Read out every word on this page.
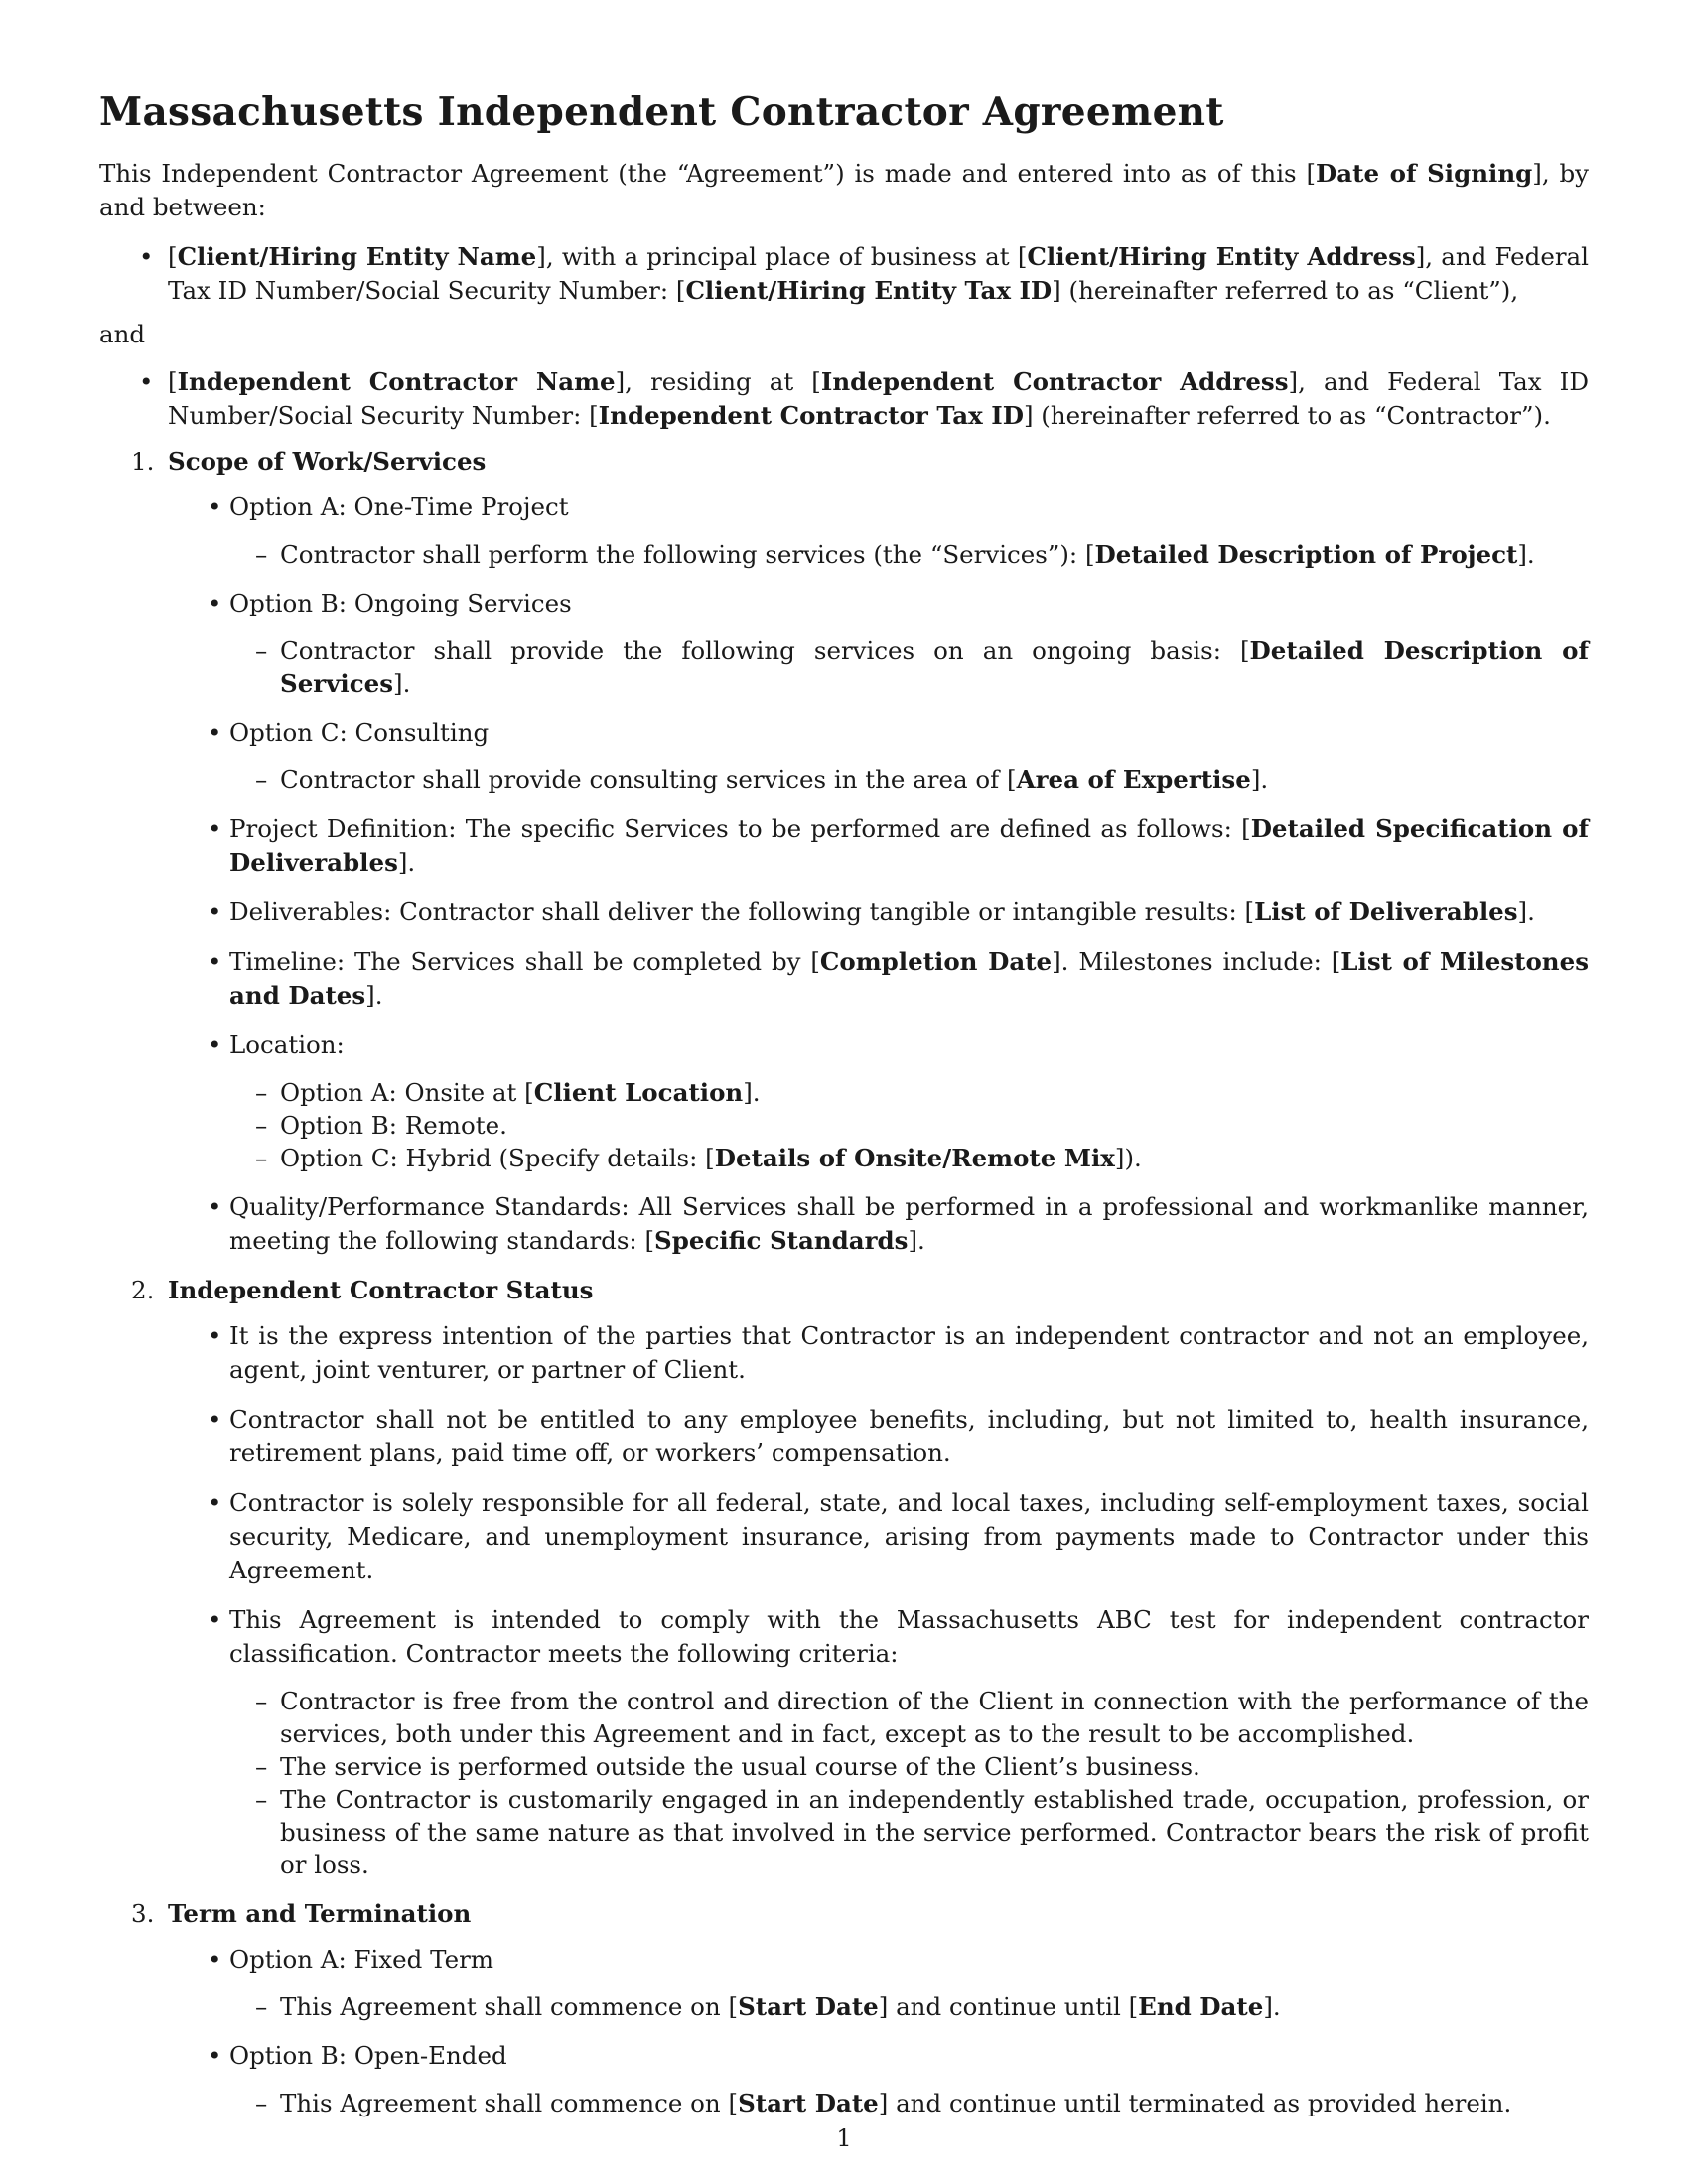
Massachusetts Independent Contractor Agreement

This Independent Contractor Agreement (the “Agreement”) is made and entered into as of this [Date of Signing], by and between:

• [Client/Hiring Entity Name], with a principal place of business at [Client/Hiring Entity Address], and Federal Tax ID Number/Social Security Number: [Client/Hiring Entity Tax ID] (hereinafter referred to as “Client”),

and

• [Independent Contractor Name], residing at [Independent Contractor Address], and Federal Tax ID Number/Social Security Number: [Independent Contractor Tax ID] (hereinafter referred to as “Contractor”).
1. Scope of Work/Services
• Option A: One-Time Project
– Contractor shall perform the following services (the “Services”): [Detailed Description of Project].
• Option B: Ongoing Services
– Contractor shall provide the following services on an ongoing basis: [Detailed Description of Services].
• Option C: Consulting
– Contractor shall provide consulting services in the area of [Area of Expertise].
• Project Definition: The specific Services to be performed are defined as follows: [Detailed Specification of Deliverables].
• Deliverables: Contractor shall deliver the following tangible or intangible results: [List of Deliverables].
• Timeline: The Services shall be completed by [Completion Date]. Milestones include: [List of Milestones and Dates].
• Location:
– Option A: Onsite at [Client Location].
– Option B: Remote.
– Option C: Hybrid (Specify details: [Details of Onsite/Remote Mix]).
• Quality/Performance Standards: All Services shall be performed in a professional and workmanlike manner, meeting the following standards: [Specific Standards].
2. Independent Contractor Status
• It is the express intention of the parties that Contractor is an independent contractor and not an employee, agent, joint venturer, or partner of Client.
• Contractor shall not be entitled to any employee benefits, including, but not limited to, health insurance, retirement plans, paid time off, or workers’ compensation.
• Contractor is solely responsible for all federal, state, and local taxes, including self-employment taxes, social security, Medicare, and unemployment insurance, arising from payments made to Contractor under this Agreement.
• This Agreement is intended to comply with the Massachusetts ABC test for independent contractor classification. Contractor meets the following criteria:
– Contractor is free from the control and direction of the Client in connection with the performance of the services, both under this Agreement and in fact, except as to the result to be accomplished.
– The service is performed outside the usual course of the Client’s business.
– The Contractor is customarily engaged in an independently established trade, occupation, profession, or business of the same nature as that involved in the service performed. Contractor bears the risk of profit or loss.
3. Term and Termination
• Option A: Fixed Term
– This Agreement shall commence on [Start Date] and continue until [End Date].
• Option B: Open-Ended
– This Agreement shall commence on [Start Date] and continue until terminated as provided herein.
1
